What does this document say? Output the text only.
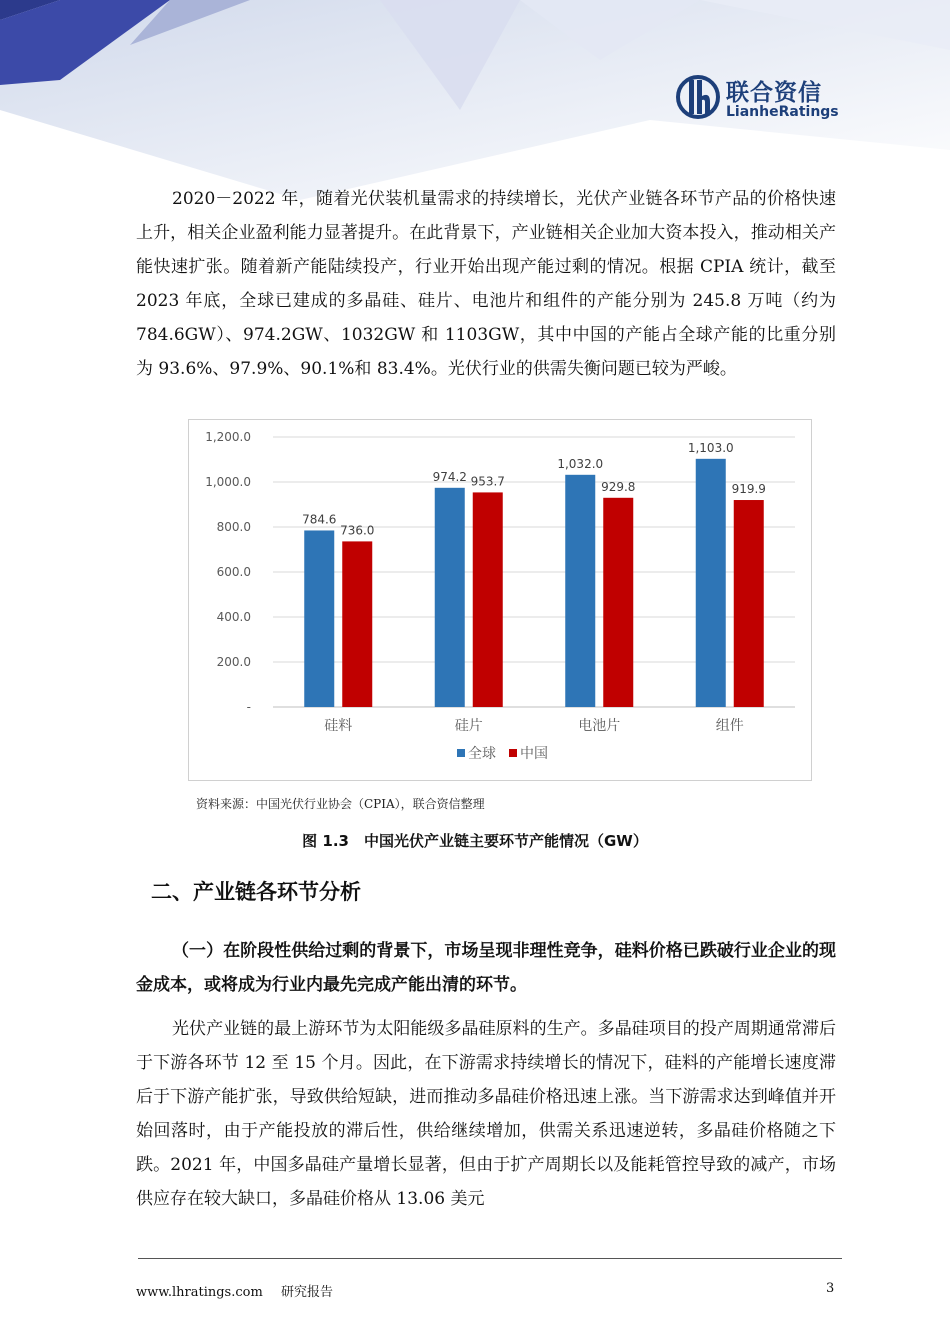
联合资信
LianheRatings
2020－2022 年，随着光伏装机量需求的持续增长，光伏产业链各环节产品的价格快速上升，相关企业盈利能力显著提升。在此背景下，产业链相关企业加大资本投入，推动相关产能快速扩张。随着新产能陆续投产，行业开始出现产能过剩的情况。根据 CPIA 统计，截至 2023 年底，全球已建成的多晶硅、硅片、电池片和组件的产能分别为 245.8 万吨（约为 784.6GW）、974.2GW、1032GW 和 1103GW，其中中国的产能占全球产能的比重分别为 93.6%、97.9%、90.1%和 83.4%。光伏行业的供需失衡问题已较为严峻。
-
200.0
400.0
600.0
800.0
1,000.0
1,200.0
784.6
736.0
硅料
974.2 953.7
硅片
1,032.0
929.8
电池片
1,103.0
919.9
组件
全球 中国
资料来源：中国光伏行业协会（CPIA），联合资信整理
图 1.3　中国光伏产业链主要环节产能情况（GW）
二、产业链各环节分析
（一）在阶段性供给过剩的背景下，市场呈现非理性竞争，硅料价格已跌破行业企业的现金成本，或将成为行业内最先完成产能出清的环节。
光伏产业链的最上游环节为太阳能级多晶硅原料的生产。多晶硅项目的投产周期通常滞后于下游各环节 12 至 15 个月。因此，在下游需求持续增长的情况下，硅料的产能增长速度滞后于下游产能扩张，导致供给短缺，进而推动多晶硅价格迅速上涨。当下游需求达到峰值并开始回落时，由于产能投放的滞后性，供给继续增加，供需关系迅速逆转，多晶硅价格随之下跌。2021 年，中国多晶硅产量增长显著，但由于扩产周期长以及能耗管控导致的减产，市场供应存在较大缺口，多晶硅价格从 13.06 美元
www.lhratings.com 研究报告	3
